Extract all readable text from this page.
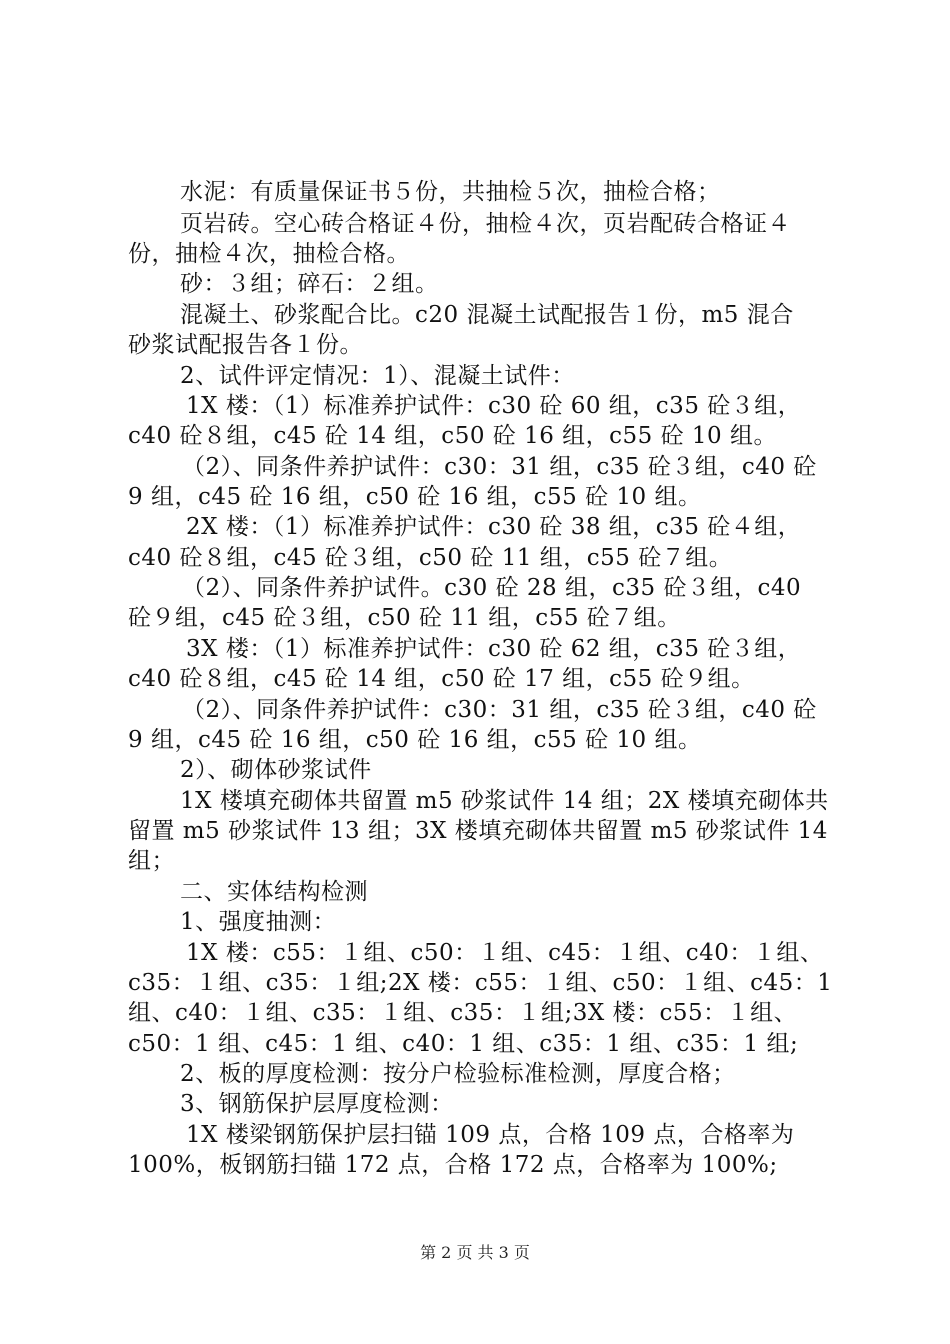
水泥：有质量保证书５份，共抽检５次，抽检合格；
页岩砖。空心砖合格证４份，抽检４次，页岩配砖合格证４
份，抽检４次，抽检合格。
砂：３组；碎石：２组。
混凝土、砂浆配合比。c20 混凝土试配报告１份，m5 混合
砂浆试配报告各１份。
2、试件评定情况：1）、混凝土试件：
1X 楼：（1）标准养护试件：c30 砼 60 组，c35 砼３组，
c40 砼８组，c45 砼 14 组，c50 砼 16 组，c55 砼 10 组。
（2）、同条件养护试件：c30：31 组，c35 砼３组，c40 砼
9 组，c45 砼 16 组，c50 砼 16 组，c55 砼 10 组。
2X 楼：（1）标准养护试件：c30 砼 38 组，c35 砼４组，
c40 砼８组，c45 砼３组，c50 砼 11 组，c55 砼７组。
（2）、同条件养护试件。c30 砼 28 组，c35 砼３组，c40
砼９组，c45 砼３组，c50 砼 11 组，c55 砼７组。
3X 楼：（1）标准养护试件：c30 砼 62 组，c35 砼３组，
c40 砼８组，c45 砼 14 组，c50 砼 17 组，c55 砼９组。
（2）、同条件养护试件：c30：31 组，c35 砼３组，c40 砼
9 组，c45 砼 16 组，c50 砼 16 组，c55 砼 10 组。
2）、砌体砂浆试件
1X 楼填充砌体共留置 m5 砂浆试件 14 组；2X 楼填充砌体共
留置 m5 砂浆试件 13 组；3X 楼填充砌体共留置 m5 砂浆试件 14
组；
二、实体结构检测
1、强度抽测：
1X 楼：c55：１组、c50：１组、c45：１组、c40：１组、
c35：１组、c35：１组;2X 楼：c55：１组、c50：１组、c45：1
组、c40：１组、c35：１组、c35：１组;3X 楼：c55：１组、
c50：1 组、c45：1 组、c40：1 组、c35：1 组、c35：1 组;
2、板的厚度检测：按分户检验标准检测，厚度合格；
3、钢筋保护层厚度检测：
1X 楼梁钢筋保护层扫锚 109 点，合格 109 点，合格率为
100%，板钢筋扫锚 172 点，合格 172 点，合格率为 100%;
第 2 页 共 3 页
